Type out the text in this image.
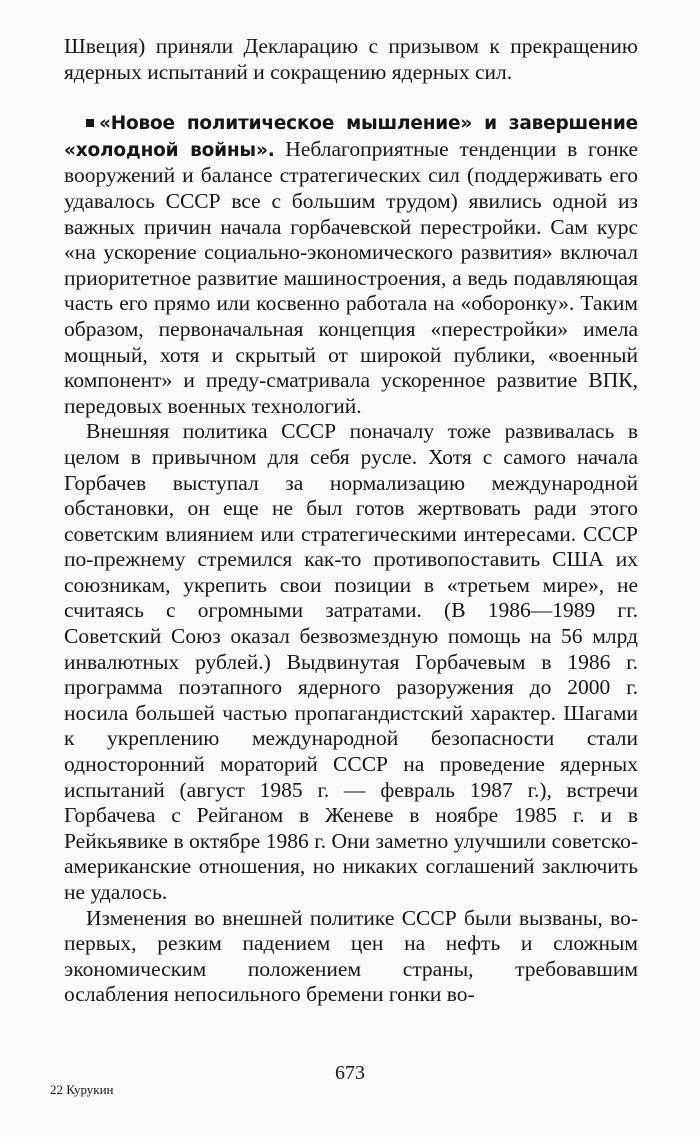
Швеция) приняли Декларацию с призывом к прекращению ядерных испытаний и сокращению ядерных сил.

«Новое политическое мышление» и завершение «холодной войны». Неблагоприятные тенденции в гонке вооружений и балансе стратегических сил (поддерживать его удавалось СССР все с большим трудом) явились одной из важных причин начала горбачевской перестройки. Сам курс «на ускорение социально-экономического развития» включал приоритетное развитие машиностроения, а ведь подавляющая часть его прямо или косвенно работала на «оборонку». Таким образом, первоначальная концепция «перестройки» имела мощный, хотя и скрытый от широкой публики, «военный компонент» и преду-сматривала ускоренное развитие ВПК, передовых военных технологий.

Внешняя политика СССР поначалу тоже развивалась в целом в привычном для себя русле. Хотя с самого начала Горбачев выступал за нормализацию международной обстановки, он еще не был готов жертвовать ради этого советским влиянием или стратегическими интересами. СССР по-прежнему стремился как-то противопоставить США их союзникам, укрепить свои позиции в «третьем мире», не считаясь с огромными затратами. (В 1986—1989 гг. Советский Союз оказал безвозмездную помощь на 56 млрд инвалютных рублей.) Выдвинутая Горбачевым в 1986 г. программа поэтапного ядерного разоружения до 2000 г. носила большей частью пропагандистский характер. Шагами к укреплению международной безопасности стали односторонний мораторий СССР на проведение ядерных испытаний (август 1985 г. — февраль 1987 г.), встречи Горбачева с Рейганом в Женеве в ноябре 1985 г. и в Рейкьявике в октябре 1986 г. Они заметно улучшили советско-американские отношения, но никаких соглашений заключить не удалось.

Изменения во внешней политике СССР были вызваны, во-первых, резким падением цен на нефть и сложным экономическим положением страны, требовавшим ослабления непосильного бремени гонки во-

673
22 Курукин
